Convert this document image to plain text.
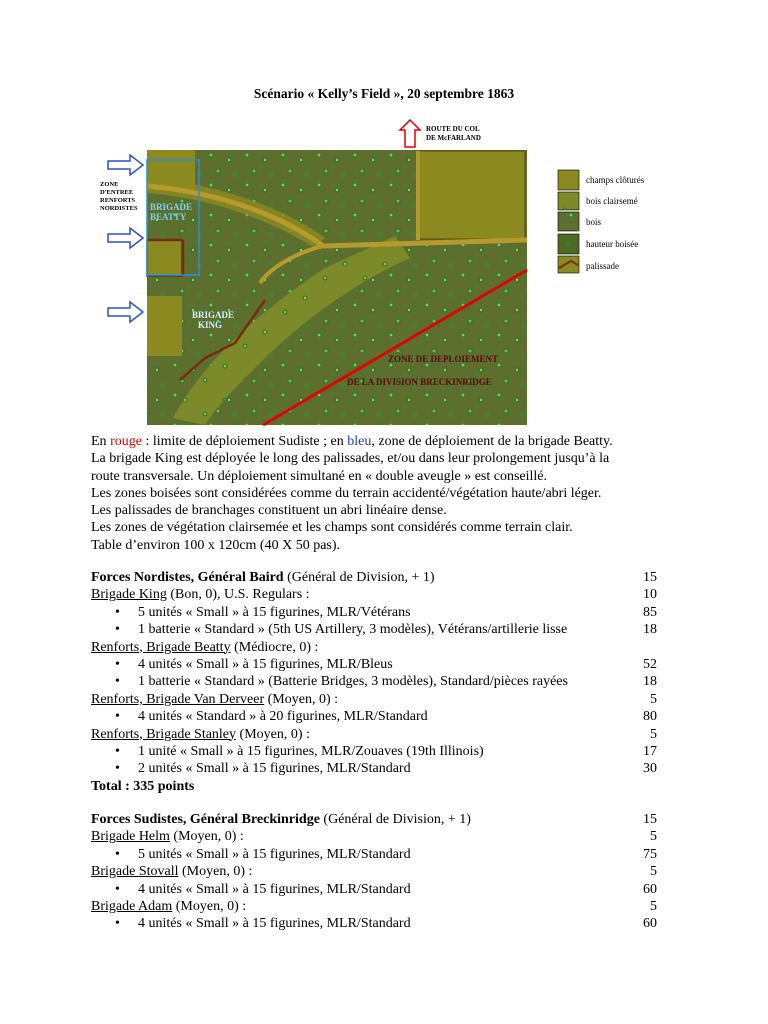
Scénario « Kelly’s Field », 20 septembre 1863
ROUTE DU COL
DE McFARLAND
ZONE
D'ENTREE
RENFORTS
NORDISTES BRIGADE
BEATTY
BRIGADE
KING
ZONE DE DEPLOIEMENT
DE LA DIVISION BRECKINRIDGE
champs clôturés
bois clairsemé
bois
hauteur boisée
palissade

En rouge : limite de déploiement Sudiste ; en bleu, zone de déploiement de la brigade Beatty.

La brigade King est déployée le long des palissades, et/ou dans leur prolongement jusqu’à la

route transversale. Un déploiement simultané en « double aveugle » est conseillé.

Les zones boisées sont considérées comme du terrain accidenté/végétation haute/abri léger.

Les palissades de branchages constituent un abri linéaire dense.

Les zones de végétation clairsemée et les champs sont considérés comme terrain clair.

Table d’environ 100 x 120cm (40 X 50 pas).

Forces Nordistes, Général Baird (Général de Division, + 1)	15
Brigade King (Bon, 0), U.S. Regulars :	10
• 5 unités « Small » à 15 figurines, MLR/Vétérans	85
• 1 batterie « Standard » (5th US Artillery, 3 modèles), Vétérans/artillerie lisse	18
Renforts, Brigade Beatty (Médiocre, 0) :
• 4 unités « Small » à 15 figurines, MLR/Bleus	52
• 1 batterie « Standard » (Batterie Bridges, 3 modèles), Standard/pièces rayées	18
Renforts, Brigade Van Derveer (Moyen, 0) :	5
• 4 unités « Standard » à 20 figurines, MLR/Standard	80
Renforts, Brigade Stanley (Moyen, 0) :	5
• 1 unité « Small » à 15 figurines, MLR/Zouaves (19th Illinois)	17
• 2 unités « Small » à 15 figurines, MLR/Standard	30
Total : 335 points
Forces Sudistes, Général Breckinridge (Général de Division, + 1)	15
Brigade Helm (Moyen, 0) :	5
• 5 unités « Small » à 15 figurines, MLR/Standard	75
Brigade Stovall (Moyen, 0) :	5
• 4 unités « Small » à 15 figurines, MLR/Standard	60
Brigade Adam (Moyen, 0) :	5
• 4 unités « Small » à 15 figurines, MLR/Standard	60
